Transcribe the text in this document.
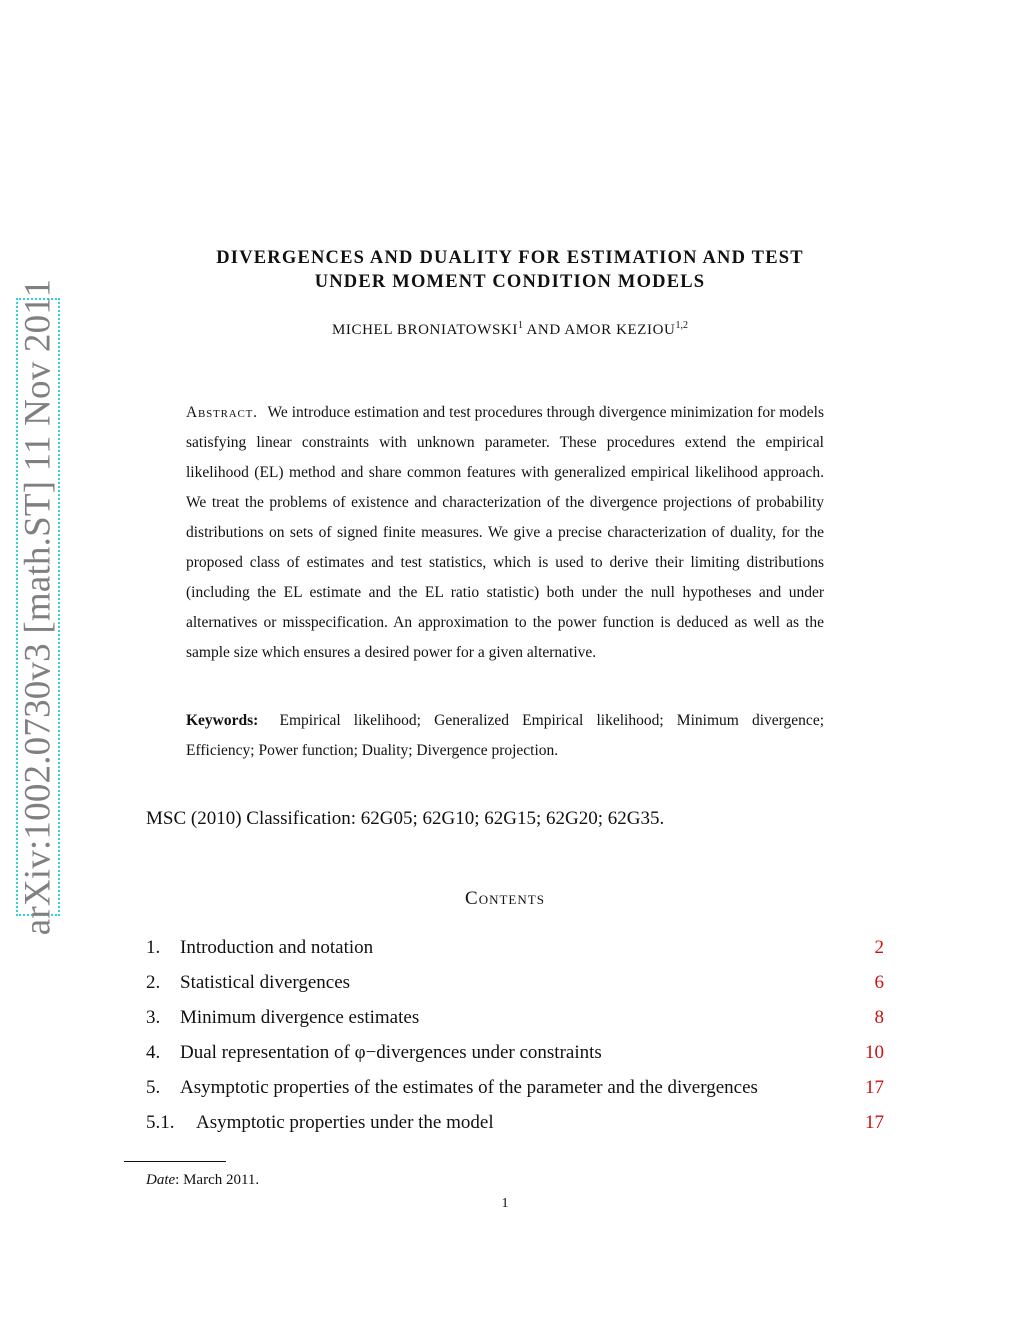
arXiv:1002.0730v3 [math.ST] 11 Nov 2011
DIVERGENCES AND DUALITY FOR ESTIMATION AND TEST
UNDER MOMENT CONDITION MODELS
MICHEL BRONIATOWSKI$^1$ AND AMOR KEZIOU$^{1,2}$
Abstract. We introduce estimation and test procedures through divergence minimization for models satisfying linear constraints with unknown parameter. These procedures extend the empirical likelihood (EL) method and share common features with generalized empirical likelihood approach. We treat the problems of existence and characterization of the divergence projections of probability distributions on sets of signed finite measures. We give a precise characterization of duality, for the proposed class of estimates and test statistics, which is used to derive their limiting distributions (including the EL estimate and the EL ratio statistic) both under the null hypotheses and under alternatives or misspecification. An approximation to the power function is deduced as well as the sample size which ensures a desired power for a given alternative.
Keywords: Empirical likelihood; Generalized Empirical likelihood; Minimum divergence; Efficiency; Power function; Duality; Divergence projection.
MSC (2010) Classification: 62G05; 62G10; 62G15; 62G20; 62G35.
Contents
1. Introduction and notation	2
2. Statistical divergences	6
3. Minimum divergence estimates	8
4. Dual representation of φ−divergences under constraints	10
5. Asymptotic properties of the estimates of the parameter and the divergences	17
5.1. Asymptotic properties under the model	17
Date: March 2011.
1
